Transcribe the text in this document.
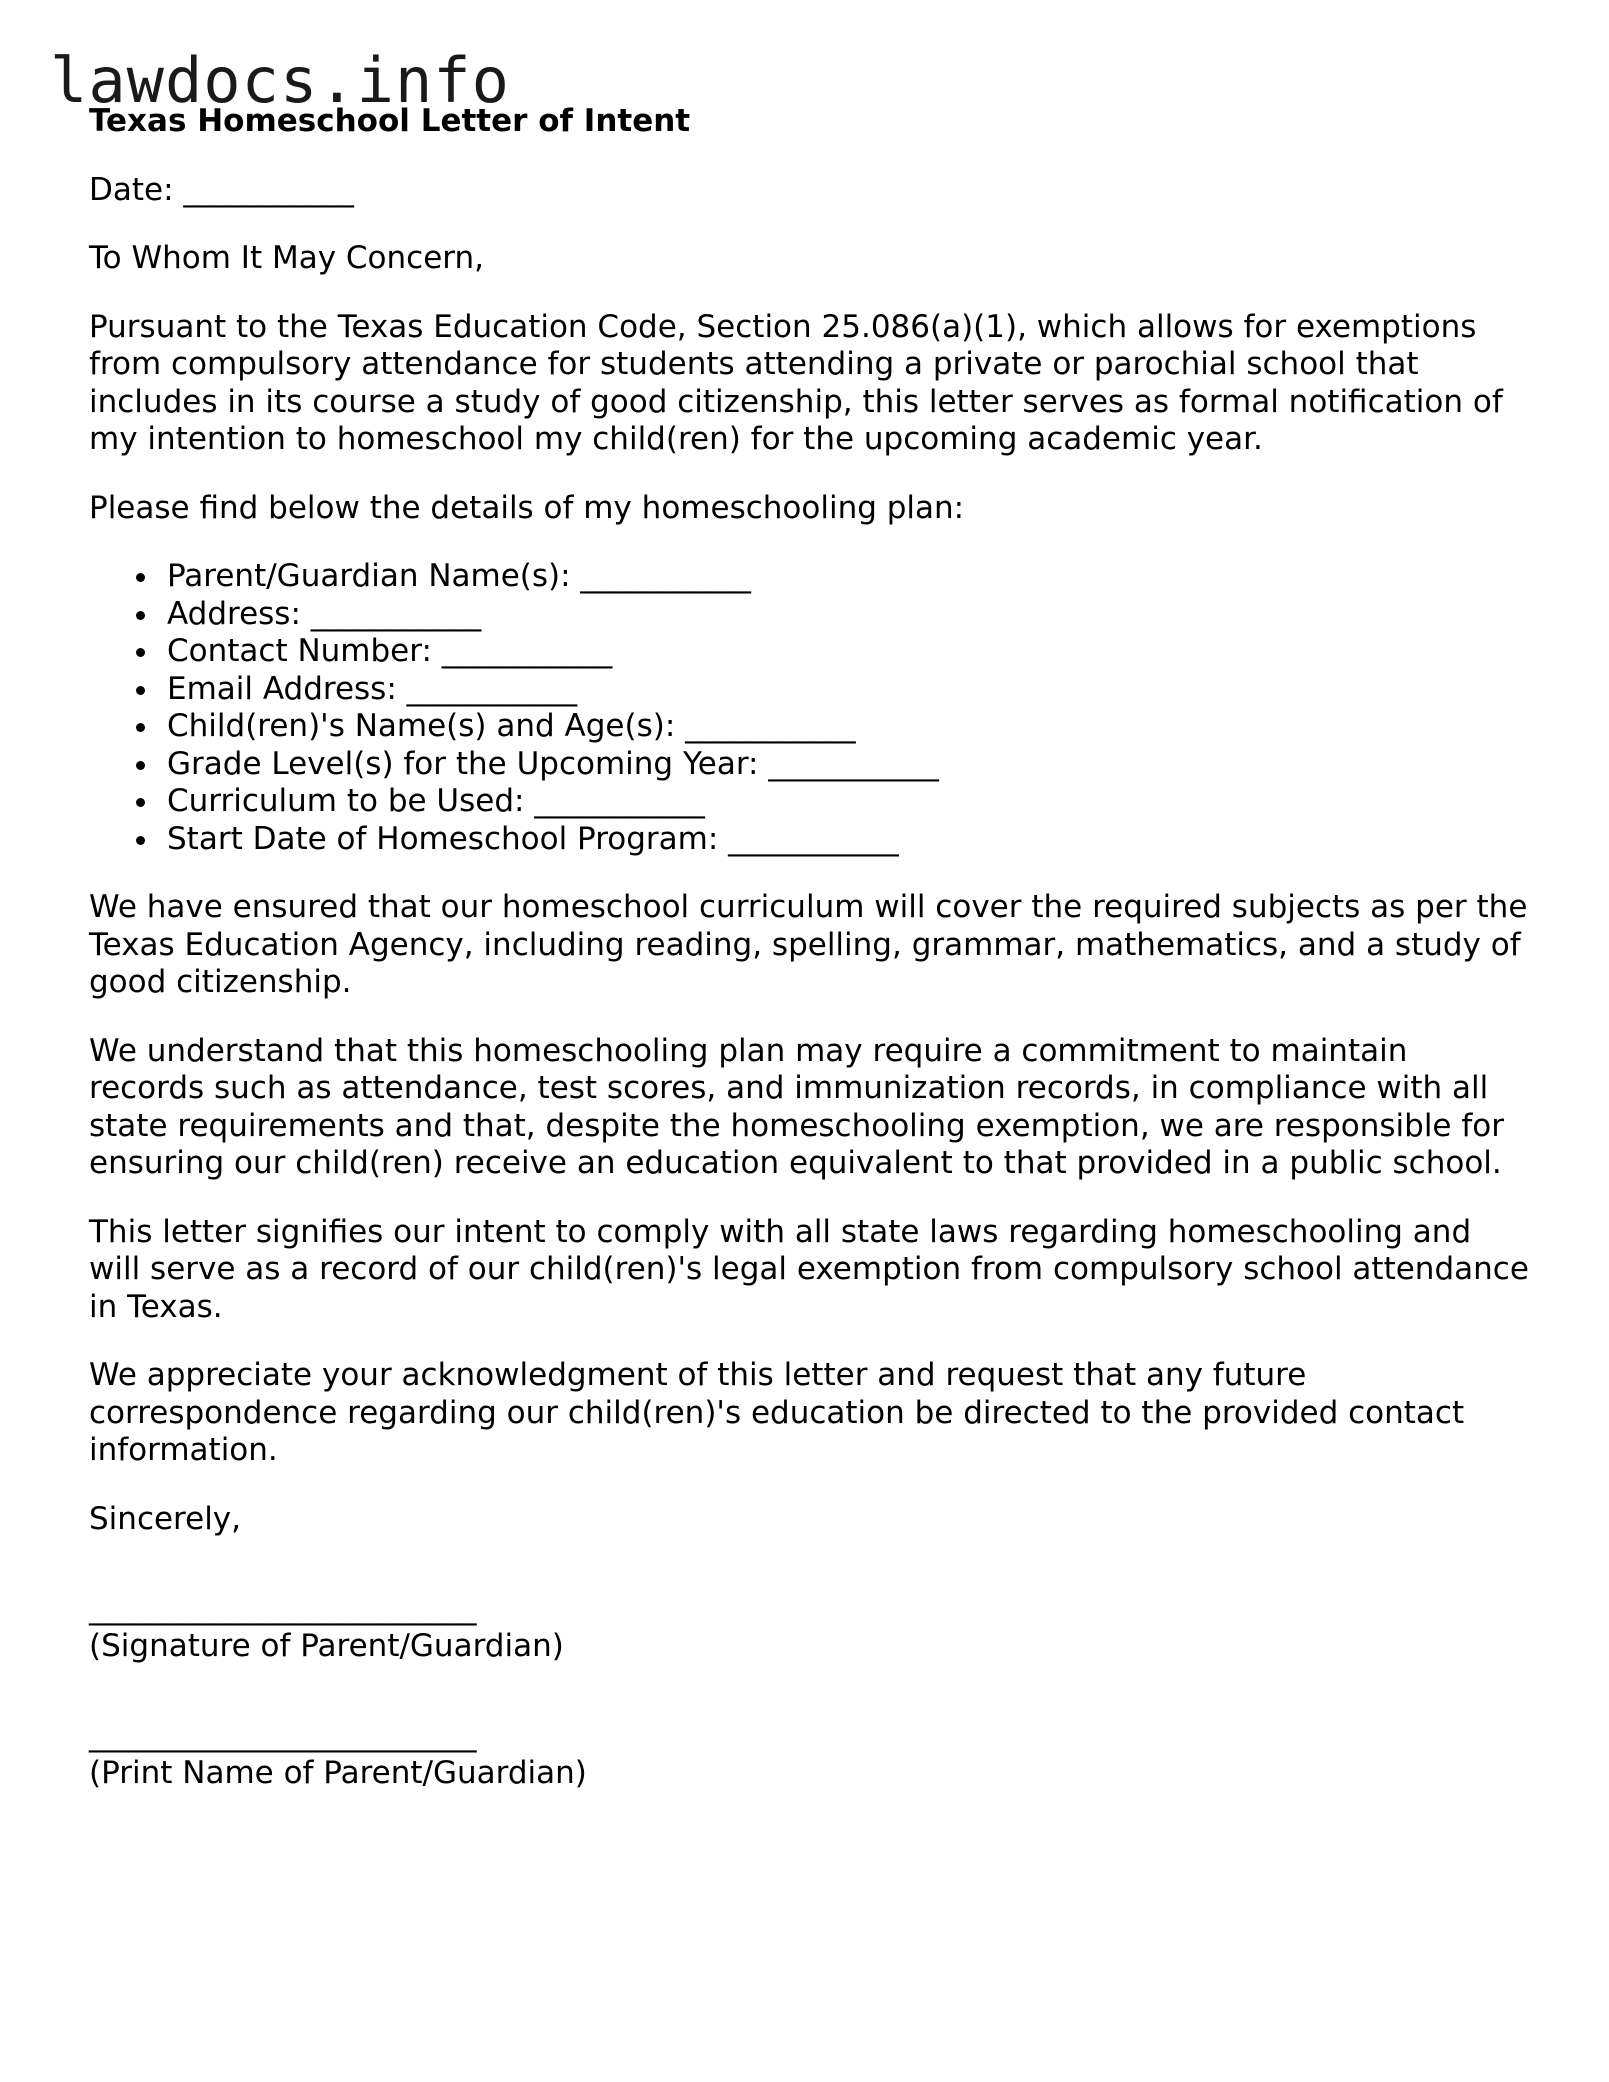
lawdocs.info
Texas Homeschool Letter of Intent

Date: ___________

To Whom It May Concern,

Pursuant to the Texas Education Code, Section 25.086(a)(1), which allows for exemptions from compulsory attendance for students attending a private or parochial school that includes in its course a study of good citizenship, this letter serves as formal notification of my intention to homeschool my child(ren) for the upcoming academic year.

Please find below the details of my homeschooling plan:

Parent/Guardian Name(s): ___________
Address: ___________
Contact Number: ___________
Email Address: ___________
Child(ren)'s Name(s) and Age(s): ___________
Grade Level(s) for the Upcoming Year: ___________
Curriculum to be Used: ___________
Start Date of Homeschool Program: ___________

We have ensured that our homeschool curriculum will cover the required subjects as per the Texas Education Agency, including reading, spelling, grammar, mathematics, and a study of good citizenship.

We understand that this homeschooling plan may require a commitment to maintain records such as attendance, test scores, and immunization records, in compliance with all state requirements and that, despite the homeschooling exemption, we are responsible for ensuring our child(ren) receive an education equivalent to that provided in a public school.

This letter signifies our intent to comply with all state laws regarding homeschooling and will serve as a record of our child(ren)'s legal exemption from compulsory school attendance in Texas.

We appreciate your acknowledgment of this letter and request that any future correspondence regarding our child(ren)'s education be directed to the provided contact information.

Sincerely,

_________________________
(Signature of Parent/Guardian)
_________________________
(Print Name of Parent/Guardian)
